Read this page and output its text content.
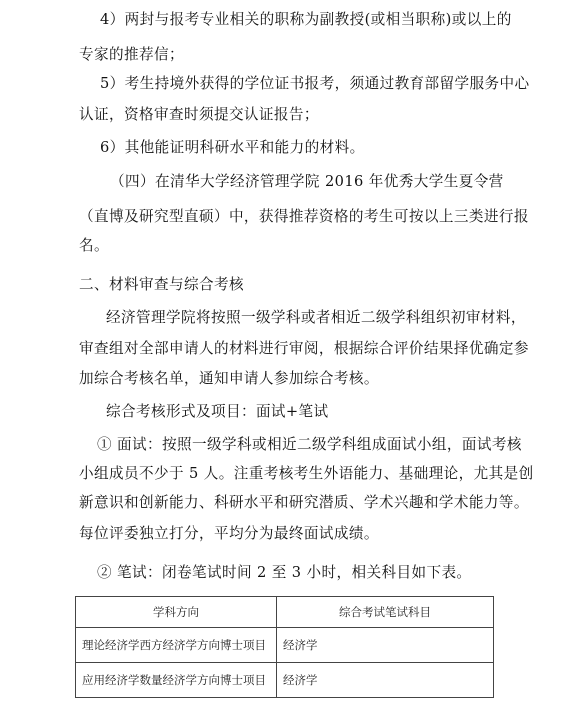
4）两封与报考专业相关的职称为副教授(或相当职称)或以上的
专家的推荐信；
5）考生持境外获得的学位证书报考，须通过教育部留学服务中心
认证，资格审查时须提交认证报告；
6）其他能证明科研水平和能力的材料。
（四）在清华大学经济管理学院 2016 年优秀大学生夏令营
（直博及研究型直硕）中，获得推荐资格的考生可按以上三类进行报
名。
二、材料审查与综合考核
经济管理学院将按照一级学科或者相近二级学科组织初审材料，
审查组对全部申请人的材料进行审阅，根据综合评价结果择优确定参
加综合考核名单，通知申请人参加综合考核。
综合考核形式及项目：面试+笔试
① 面试：按照一级学科或相近二级学科组成面试小组，面试考核
小组成员不少于 5 人。注重考核考生外语能力、基础理论，尤其是创
新意识和创新能力、科研水平和研究潜质、学术兴趣和学术能力等。
每位评委独立打分，平均分为最终面试成绩。
② 笔试：闭卷笔试时间 2 至 3 小时，相关科目如下表。
学科方向	综合考试笔试科目
理论经济学西方经济学方向博士项目	经济学
应用经济学数量经济学方向博士项目	经济学
